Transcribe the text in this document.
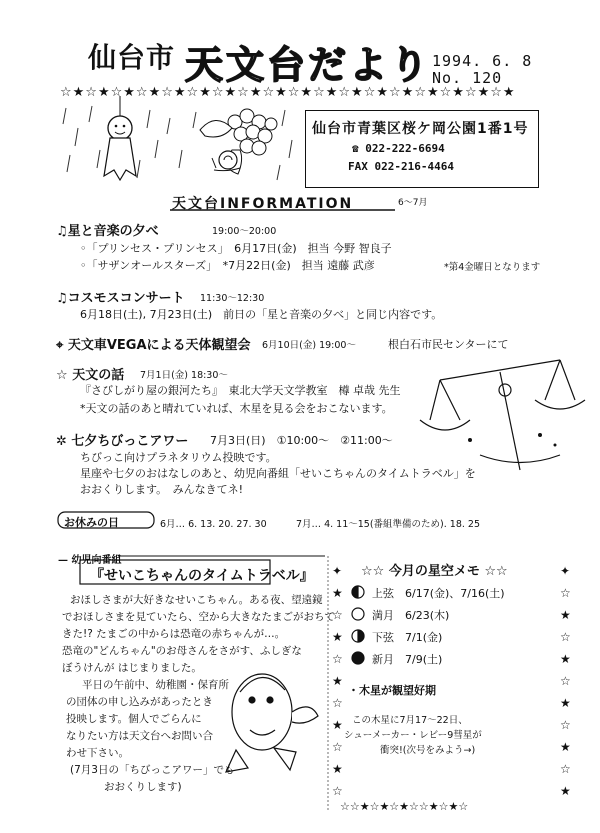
仙台市 天文台だより 1994. 6. 8
No. 120
☆★☆★☆★☆★☆★☆★☆★☆★☆★☆★☆★☆★☆★☆★☆★☆★☆★☆★
仙台市青葉区桜ケ岡公園1番1号
☎ 022-222-6694
FAX 022-216-4464
天文台INFORMATION	6～7月
♫星と音楽の夕べ	19:00～20:00
◦「プリンセス・プリンセス」　6月17日(金)　担当 今野 智良子
◦「サザンオールスターズ」　*7月22日(金)　担当 遠藤 武彦	*第4金曜日となります
♫コスモスコンサート 11:30～12:30
6月18日(土), 7月23日(土)　前日の「星と音楽の夕べ」と同じ内容です。
⌖ 天文車VEGAによる天体観望会 6月10日(金) 19:00～	根白石市民センターにて
☆ 天文の話 7月1日(金) 18:30～
『さびしがり屋の銀河たち』　東北大学天文学教室　樽 卓哉 先生
*天文の話のあと晴れていれば、木星を見る会をおこないます。
✲ 七夕ちびっこアワー 7月3日(日)　①10:00～　②11:00～
ちびっこ向けプラネタリウム投映です。
星座や七夕のおはなしのあと、幼児向番組「せいこちゃんのタイムトラベル」を
おおくりします。　みんなきてネ!
お休みの日	6月… 6. 13. 20. 27. 30	7月… 4. 11～15(番組準備のため). 18. 25
— 幼児向番組
『せいこちゃんのタイムトラベル』
おほしさまが大好きなせいこちゃん。ある夜、望遠鏡
でおほしさまを見ていたら、空から大きなたまごがおちて
きた!? たまごの中からは恐竜の赤ちゃんが…。
恐竜の"どんちゃん"のお母さんをさがす、ふしぎな
ぼうけんが はじまりました。
平日の午前中、幼稚園・保育所
の団体の申し込みがあったとき
投映します。個人でごらんに
なりたい方は天文台へお問い合
わせ下さい。
(7月3日の「ちびっこアワー」でも
おおくりします)
☆☆ 今月の星空メモ ☆☆
上弦　 6/17(金)、7/16(土)
満月　 6/23(木)
下弦　 7/1(金)
新月　 7/9(土)
・木星が観望好期
この木星に7月17～22日、
シューメーカー・レビー9彗星が
衝突!(次号をみよう→)
✦
★
☆
★
☆
★
☆
★
☆
★
☆
✦
☆
★
☆
★
☆
★
☆
★
☆
★
☆☆★☆★☆★☆☆★☆★☆
